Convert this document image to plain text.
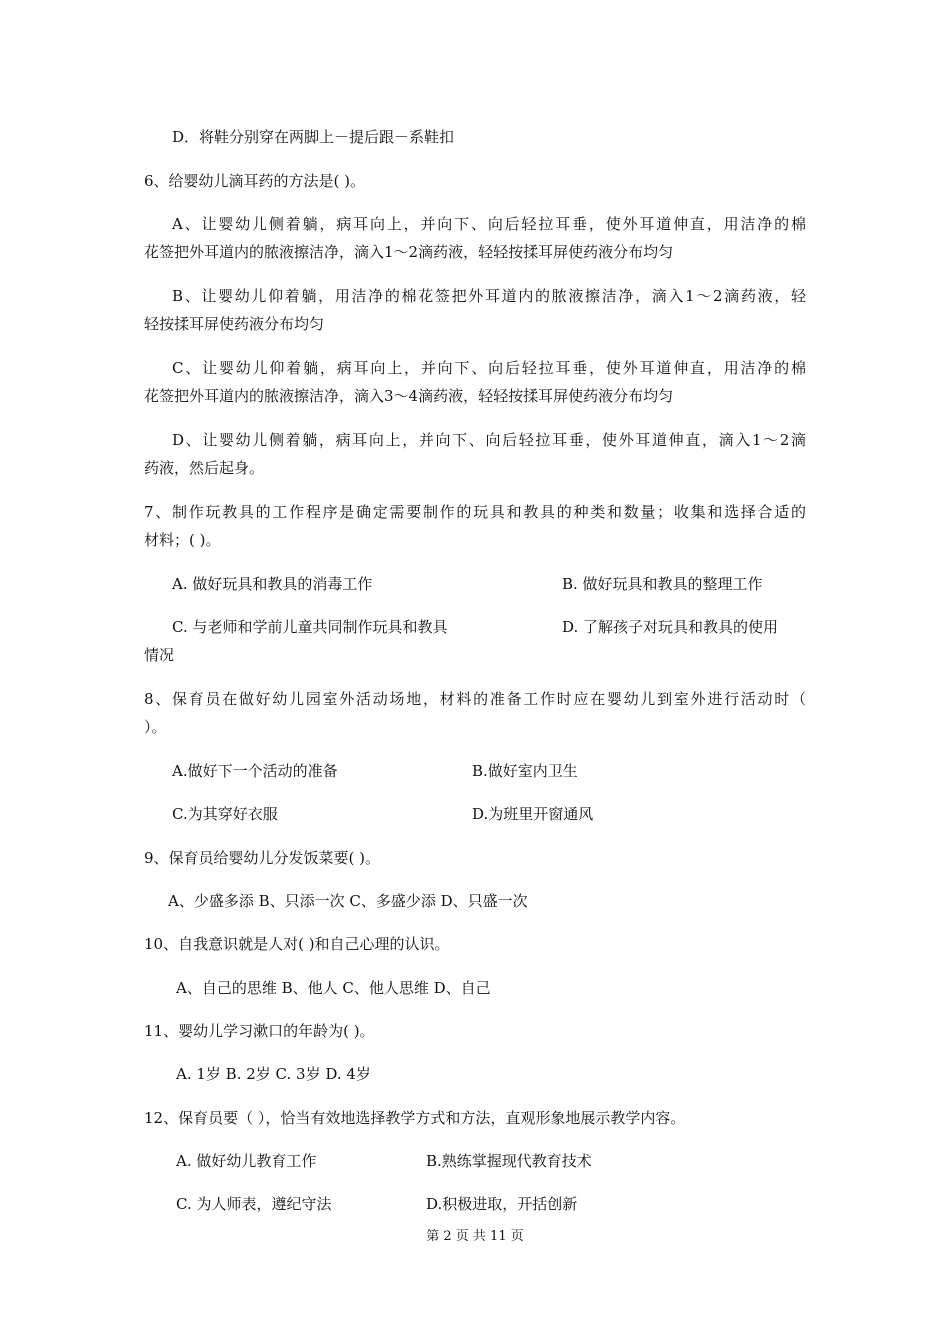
D．将鞋分别穿在两脚上－提后跟－系鞋扣
6、给婴幼儿滴耳药的方法是( )。
A、让婴幼儿侧着躺，病耳向上，并向下、向后轻拉耳垂，使外耳道伸直，用洁净的棉
花签把外耳道内的脓液擦洁净，滴入1～2滴药液，轻轻按揉耳屏使药液分布均匀
B、让婴幼儿仰着躺，用洁净的棉花签把外耳道内的脓液擦洁净，滴入1～2滴药液，轻
轻按揉耳屏使药液分布均匀
C、让婴幼儿仰着躺，病耳向上，并向下、向后轻拉耳垂，使外耳道伸直，用洁净的棉
花签把外耳道内的脓液擦洁净，滴入3～4滴药液，轻轻按揉耳屏使药液分布均匀
D、让婴幼儿侧着躺，病耳向上，并向下、向后轻拉耳垂，使外耳道伸直，滴入1～2滴
药液，然后起身。
7、制作玩教具的工作程序是确定需要制作的玩具和教具的种类和数量；收集和选择合适的
材料；( )。
A. 做好玩具和教具的消毒工作	B. 做好玩具和教具的整理工作
C. 与老师和学前儿童共同制作玩具和教具	D. 了解孩子对玩具和教具的使用
情况
8、保育员在做好幼儿园室外活动场地，材料的准备工作时应在婴幼儿到室外进行活动时（
）。
A.做好下一个活动的准备	B.做好室内卫生
C.为其穿好衣服	D.为班里开窗通风
9、保育员给婴幼儿分发饭菜要( )。
A、少盛多添 B、只添一次 C、多盛少添 D、只盛一次
10、自我意识就是人对( )和自己心理的认识。
A、自己的思维 B、他人 C、他人思维 D、自己
11、婴幼儿学习漱口的年龄为( )。
A. 1岁 B. 2岁 C. 3岁 D. 4岁
12、保育员要（ ），恰当有效地选择教学方式和方法，直观形象地展示教学内容。
A. 做好幼儿教育工作	B.熟练掌握现代教育技术
C. 为人师表，遵纪守法	D.积极进取，开括创新
第 2 页 共 11 页
